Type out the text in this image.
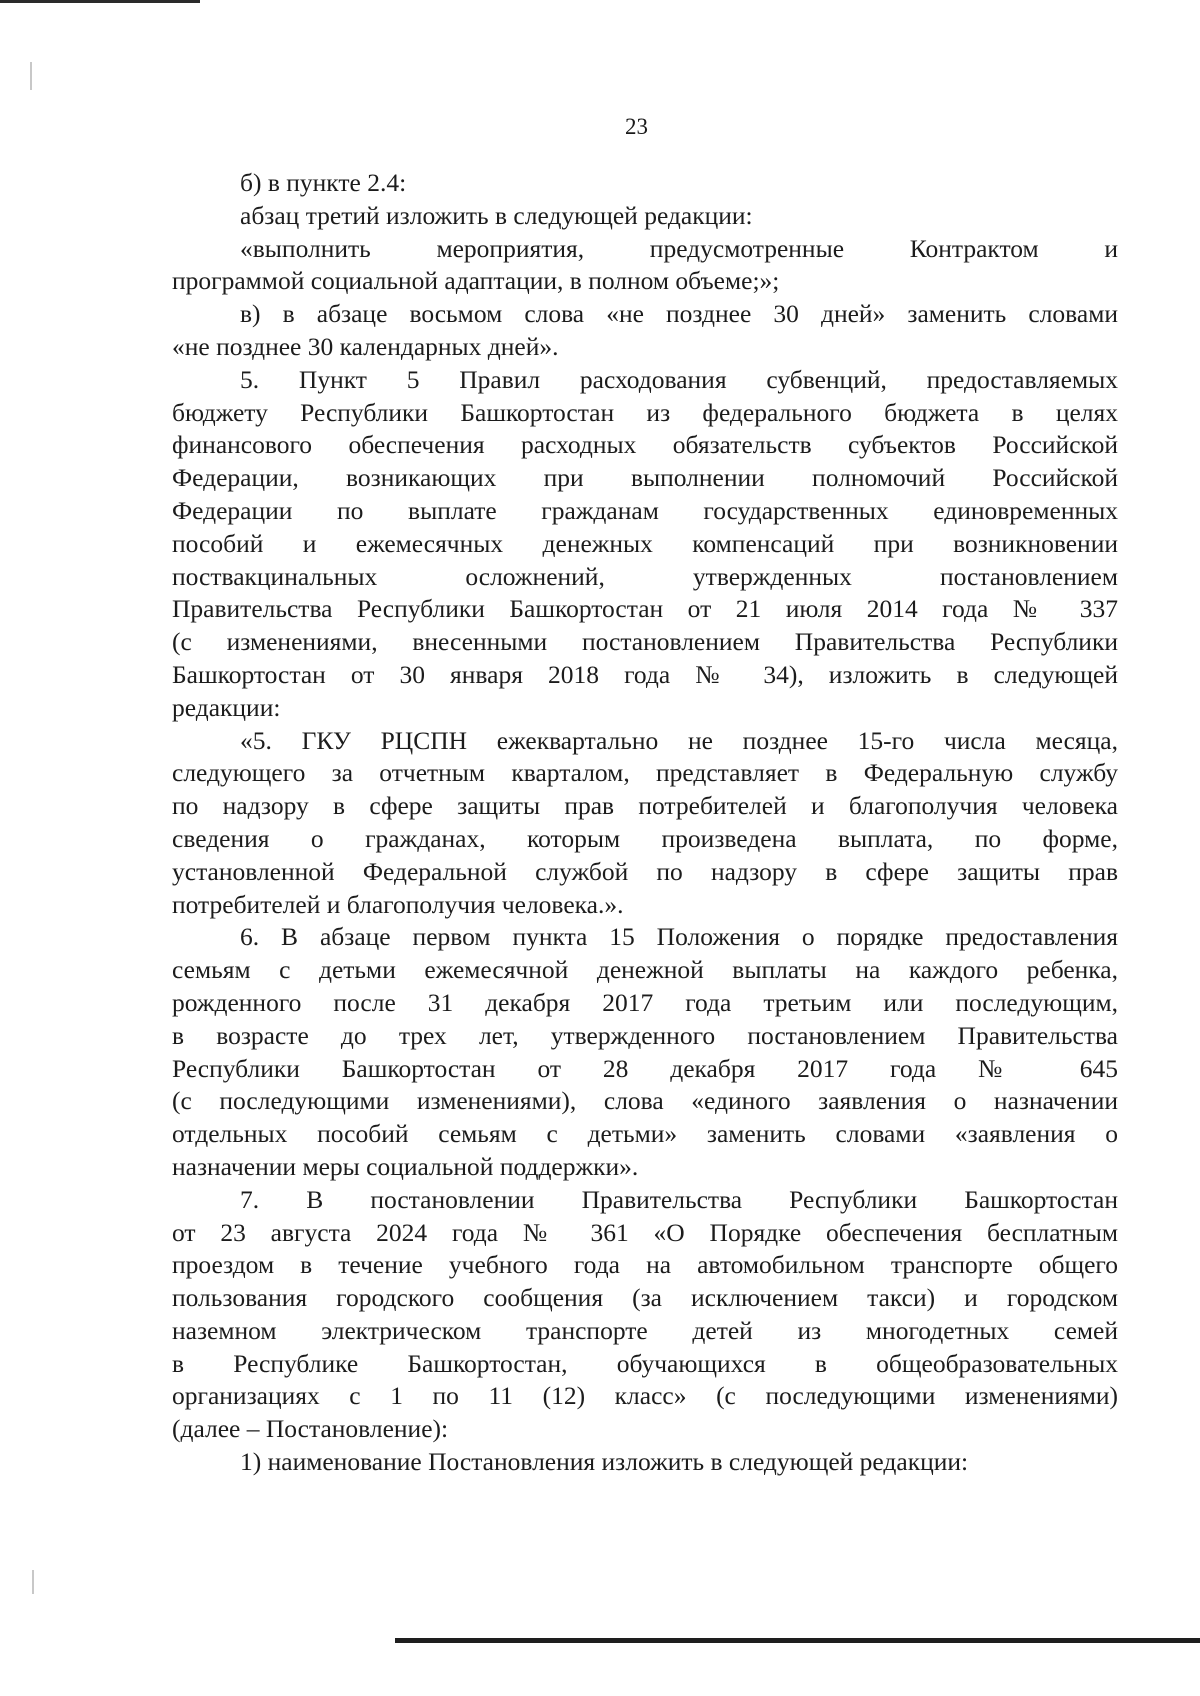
23
б) в пункте 2.4:
абзац третий изложить в следующей редакции:
«выполнить мероприятия, предусмотренные Контрактом и
программой социальной адаптации, в полном объеме;»;
в) в абзаце восьмом слова «не позднее 30 дней» заменить словами
«не позднее 30 календарных дней».
5. Пункт 5 Правил расходования субвенций, предоставляемых
бюджету Республики Башкортостан из федерального бюджета в целях
финансового обеспечения расходных обязательств субъектов Российской
Федерации, возникающих при выполнении полномочий Российской
Федерации по выплате гражданам государственных единовременных
пособий и ежемесячных денежных компенсаций при возникновении
поствакцинальных осложнений, утвержденных постановлением
Правительства Республики Башкортостан от 21 июля 2014 года № 337
(с изменениями, внесенными постановлением Правительства Республики
Башкортостан от 30 января 2018 года № 34), изложить в следующей
редакции:
«5. ГКУ РЦСПН ежеквартально не позднее 15-го числа месяца,
следующего за отчетным кварталом, представляет в Федеральную службу
по надзору в сфере защиты прав потребителей и благополучия человека
сведения о гражданах, которым произведена выплата, по форме,
установленной Федеральной службой по надзору в сфере защиты прав
потребителей и благополучия человека.».
6. В абзаце первом пункта 15 Положения о порядке предоставления
семьям с детьми ежемесячной денежной выплаты на каждого ребенка,
рожденного после 31 декабря 2017 года третьим или последующим,
в возрасте до трех лет, утвержденного постановлением Правительства
Республики Башкортостан от 28 декабря 2017 года № 645
(с последующими изменениями), слова «единого заявления о назначении
отдельных пособий семьям с детьми» заменить словами «заявления о
назначении меры социальной поддержки».
7. В постановлении Правительства Республики Башкортостан
от 23 августа 2024 года № 361 «О Порядке обеспечения бесплатным
проездом в течение учебного года на автомобильном транспорте общего
пользования городского сообщения (за исключением такси) и городском
наземном электрическом транспорте детей из многодетных семей
в Республике Башкортостан, обучающихся в общеобразовательных
организациях с 1 по 11 (12) класс» (с последующими изменениями)
(далее – Постановление):
1) наименование Постановления изложить в следующей редакции:
